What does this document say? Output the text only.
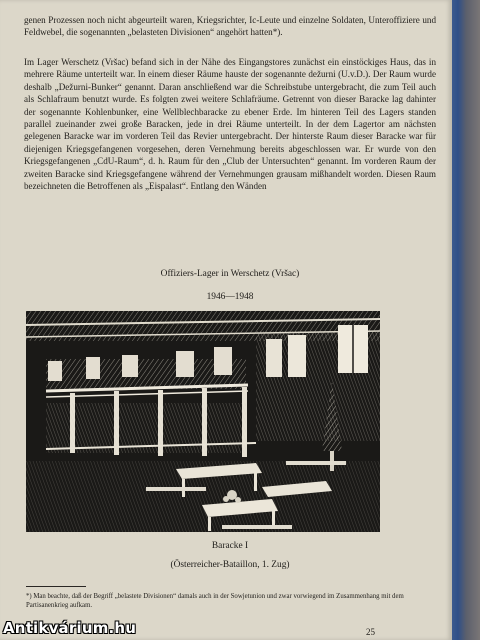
genen Prozessen noch nicht abgeurteilt waren, Kriegsrichter, Ic-Leute und einzelne Soldaten, Unteroffiziere und Feldwebel, die sogenannten „belasteten Divisionen“ angehört hatten*).
Im Lager Werschetz (Vršac) befand sich in der Nähe des Eingangstores zunächst ein einstöckiges Haus, das in mehrere Räume unterteilt war. In einem dieser Räume hauste der sogenannte dežurni (U.v.D.). Der Raum wurde deshalb „Dežurni-Bunker“ genannt. Daran anschließend war die Schreibstube untergebracht, die zum Teil auch als Schlafraum benutzt wurde. Es folgten zwei weitere Schlafräume. Getrennt von dieser Baracke lag dahinter der sogenannte Kohlenbunker, eine Wellblechbaracke zu ebener Erde. Im hinteren Teil des Lagers standen parallel zueinander zwei große Baracken, jede in drei Räume unterteilt. In der dem Lagertor am nächsten gelegenen Baracke war im vorderen Teil das Revier untergebracht. Der hinterste Raum dieser Baracke war für diejenigen Kriegsgefangenen vorgesehen, deren Vernehmung bereits abgeschlossen war. Er wurde von den Kriegsgefangenen „CdU-Raum“, d. h. Raum für den „Club der Untersuchten“ genannt. Im vorderen Raum der zweiten Baracke sind Kriegsgefangene während der Vernehmungen grausam mißhandelt worden. Diesen Raum bezeichneten die Betroffenen als „Eispalast“. Entlang den Wänden
Offiziers-Lager in Werschetz (Vršac)
1946—1948
Baracke I
(Österreicher-Bataillon, 1. Zug)
*) Man beachte, daß der Begriff „belastete Divisionen“ damals auch in der Sowjetunion und zwar vorwiegend im Zusammenhang mit dem Partisanenkrieg aufkam.
25
Antikvárium.hu
